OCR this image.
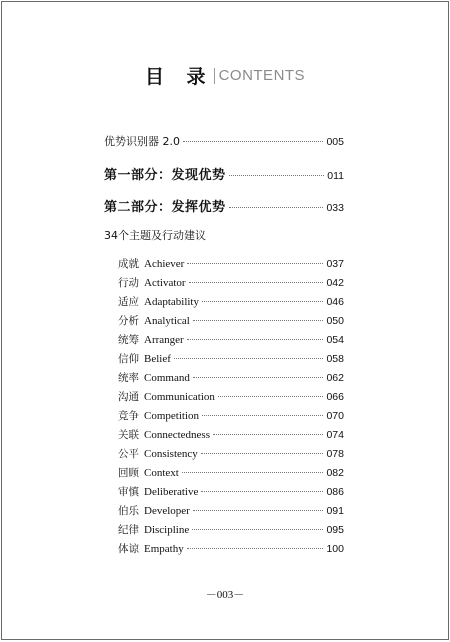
目 录 CONTENTS
优势识别器 2.0	005
第一部分：发现优势	011
第二部分：发挥优势	033
34个主题及行动建议
成就 Achiever	037
行动 Activator	042
适应 Adaptability	046
分析 Analytical	050
统筹 Arranger	054
信仰 Belief	058
统率 Command	062
沟通 Communication	066
竞争 Competition	070
关联 Connectedness	074
公平 Consistency	078
回顾 Context	082
审慎 Deliberative	086
伯乐 Developer	091
纪律 Discipline	095
体谅 Empathy	100
－003－
